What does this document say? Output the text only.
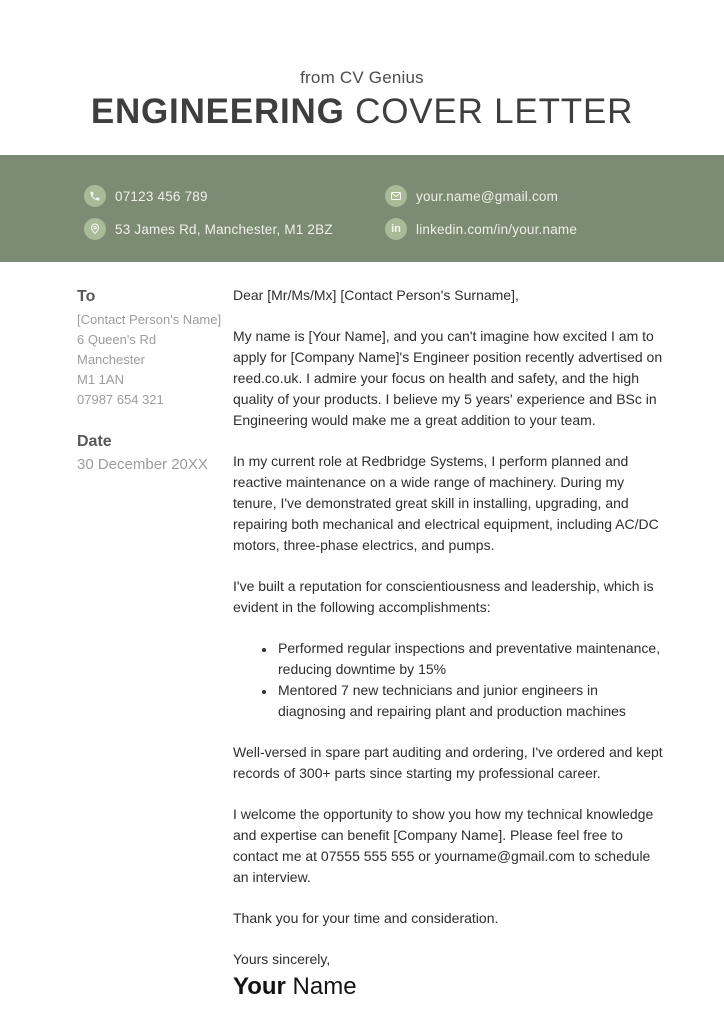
from CV Genius
ENGINEERING COVER LETTER
07123 456 789
53 James Rd, Manchester, M1 2BZ
your.name@gmail.com
in linkedin.com/in/your.name
To
[Contact Person's Name]
6 Queen's Rd
Manchester
M1 1AN
07987 654 321
Date
30 December 20XX

Dear [Mr/Ms/Mx] [Contact Person's Surname],

My name is [Your Name], and you can't imagine how excited I am to apply for [Company Name]'s Engineer position recently advertised on reed.co.uk. I admire your focus on health and safety, and the high quality of your products. I believe my 5 years' experience and BSc in Engineering would make me a great addition to your team.

In my current role at Redbridge Systems, I perform planned and reactive maintenance on a wide range of machinery. During my tenure, I've demonstrated great skill in installing, upgrading, and repairing both mechanical and electrical equipment, including AC/DC motors, three-phase electrics, and pumps.

I've built a reputation for conscientiousness and leadership, which is evident in the following accomplishments:

• Performed regular inspections and preventative maintenance, reducing downtime by 15%
• Mentored 7 new technicians and junior engineers in diagnosing and repairing plant and production machines

Well-versed in spare part auditing and ordering, I've ordered and kept records of 300+ parts since starting my professional career.

I welcome the opportunity to show you how my technical knowledge and expertise can benefit [Company Name]. Please feel free to contact me at 07555 555 555 or yourname@gmail.com to schedule an interview.

Thank you for your time and consideration.

Yours sincerely,
Your Name
